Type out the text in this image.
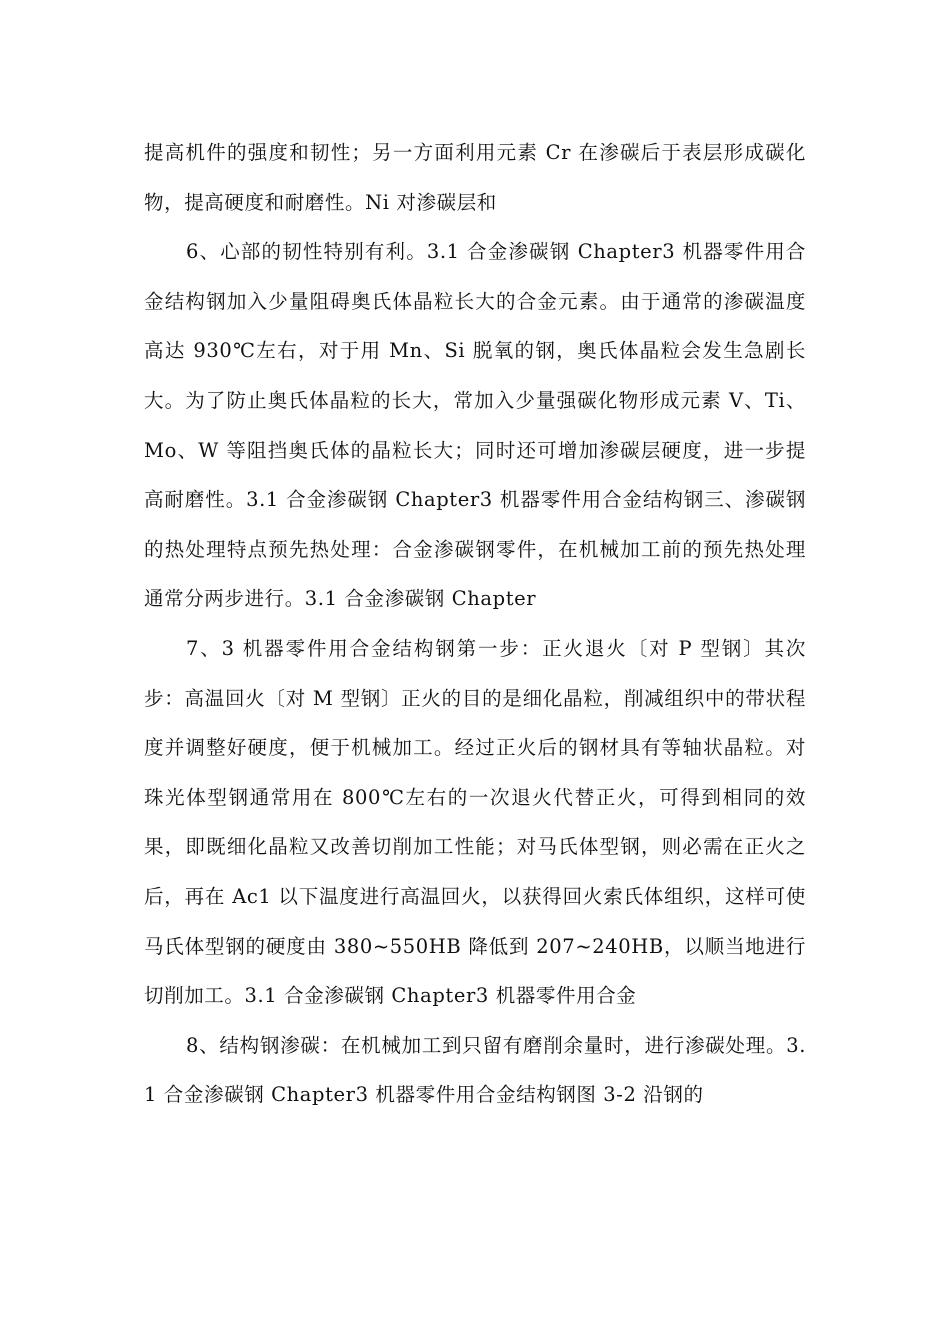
提高机件的强度和韧性；另一方面利用元素 Cr 在渗碳后于表层形成碳化物，提高硬度和耐磨性。Ni 对渗碳层和

6、心部的韧性特别有利。3.1 合金渗碳钢 Chapter3 机器零件用合金结构钢加入少量阻碍奥氏体晶粒长大的合金元素。由于通常的渗碳温度高达 930℃左右，对于用 Mn、Si 脱氧的钢，奥氏体晶粒会发生急剧长大。为了防止奥氏体晶粒的长大，常加入少量强碳化物形成元素 V、Ti、Mo、W 等阻挡奥氏体的晶粒长大；同时还可增加渗碳层硬度，进一步提高耐磨性。3.1 合金渗碳钢 Chapter3 机器零件用合金结构钢三、渗碳钢的热处理特点预先热处理：合金渗碳钢零件，在机械加工前的预先热处理通常分两步进行。3.1 合金渗碳钢 Chapter

7、3 机器零件用合金结构钢第一步：正火退火〔对 P 型钢〕其次步：高温回火〔对 M 型钢〕正火的目的是细化晶粒，削减组织中的带状程度并调整好硬度，便于机械加工。经过正火后的钢材具有等轴状晶粒。对珠光体型钢通常用在 800℃左右的一次退火代替正火，可得到相同的效果，即既细化晶粒又改善切削加工性能；对马氏体型钢，则必需在正火之后，再在 Ac1 以下温度进行高温回火，以获得回火索氏体组织，这样可使马氏体型钢的硬度由 380~550HB 降低到 207~240HB，以顺当地进行切削加工。3.1 合金渗碳钢 Chapter3 机器零件用合金

8、结构钢渗碳：在机械加工到只留有磨削余量时，进行渗碳处理。3.1 合金渗碳钢 Chapter3 机器零件用合金结构钢图 3-2 沿钢的
